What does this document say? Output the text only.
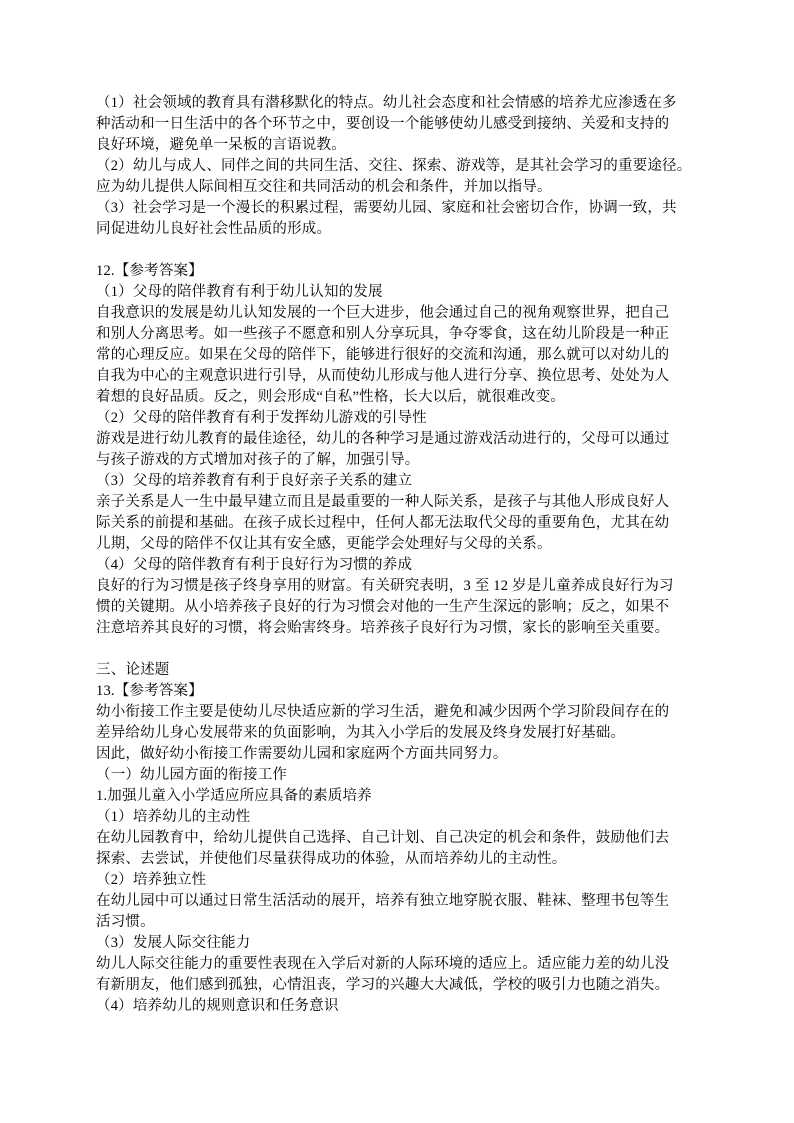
（1）社会领域的教育具有潜移默化的特点。幼儿社会态度和社会情感的培养尤应渗透在多
种活动和一日生活中的各个环节之中，要创设一个能够使幼儿感受到接纳、关爱和支持的
良好环境，避免单一呆板的言语说教。
（2）幼儿与成人、同伴之间的共同生活、交往、探索、游戏等，是其社会学习的重要途径。
应为幼儿提供人际间相互交往和共同活动的机会和条件，并加以指导。
（3）社会学习是一个漫长的积累过程，需要幼儿园、家庭和社会密切合作，协调一致，共
同促进幼儿良好社会性品质的形成。
12.【参考答案】
（1）父母的陪伴教育有利于幼儿认知的发展
自我意识的发展是幼儿认知发展的一个巨大进步，他会通过自己的视角观察世界，把自己
和别人分离思考。如一些孩子不愿意和别人分享玩具，争夺零食，这在幼儿阶段是一种正
常的心理反应。如果在父母的陪伴下，能够进行很好的交流和沟通，那么就可以对幼儿的
自我为中心的主观意识进行引导，从而使幼儿形成与他人进行分享、换位思考、处处为人
着想的良好品质。反之，则会形成“自私”性格，长大以后，就很难改变。
（2）父母的陪伴教育有利于发挥幼儿游戏的引导性
游戏是进行幼儿教育的最佳途径，幼儿的各种学习是通过游戏活动进行的，父母可以通过
与孩子游戏的方式增加对孩子的了解，加强引导。
（3）父母的培养教育有利于良好亲子关系的建立
亲子关系是人一生中最早建立而且是最重要的一种人际关系，是孩子与其他人形成良好人
际关系的前提和基础。在孩子成长过程中，任何人都无法取代父母的重要角色，尤其在幼
儿期，父母的陪伴不仅让其有安全感，更能学会处理好与父母的关系。
（4）父母的陪伴教育有利于良好行为习惯的养成
良好的行为习惯是孩子终身享用的财富。有关研究表明，3 至 12 岁是儿童养成良好行为习
惯的关键期。从小培养孩子良好的行为习惯会对他的一生产生深远的影响；反之，如果不
注意培养其良好的习惯，将会贻害终身。培养孩子良好行为习惯，家长的影响至关重要。
三、论述题
13.【参考答案】
幼小衔接工作主要是使幼儿尽快适应新的学习生活，避免和减少因两个学习阶段间存在的
差异给幼儿身心发展带来的负面影响，为其入小学后的发展及终身发展打好基础。
因此，做好幼小衔接工作需要幼儿园和家庭两个方面共同努力。
（一）幼儿园方面的衔接工作
1.加强儿童入小学适应所应具备的素质培养
（1）培养幼儿的主动性
在幼儿园教育中，给幼儿提供自己选择、自己计划、自己决定的机会和条件，鼓励他们去
探索、去尝试，并使他们尽量获得成功的体验，从而培养幼儿的主动性。
（2）培养独立性
在幼儿园中可以通过日常生活活动的展开，培养有独立地穿脱衣服、鞋袜、整理书包等生
活习惯。
（3）发展人际交往能力
幼儿人际交往能力的重要性表现在入学后对新的人际环境的适应上。适应能力差的幼儿没
有新朋友，他们感到孤独，心情沮丧，学习的兴趣大大减低，学校的吸引力也随之消失。
（4）培养幼儿的规则意识和任务意识
